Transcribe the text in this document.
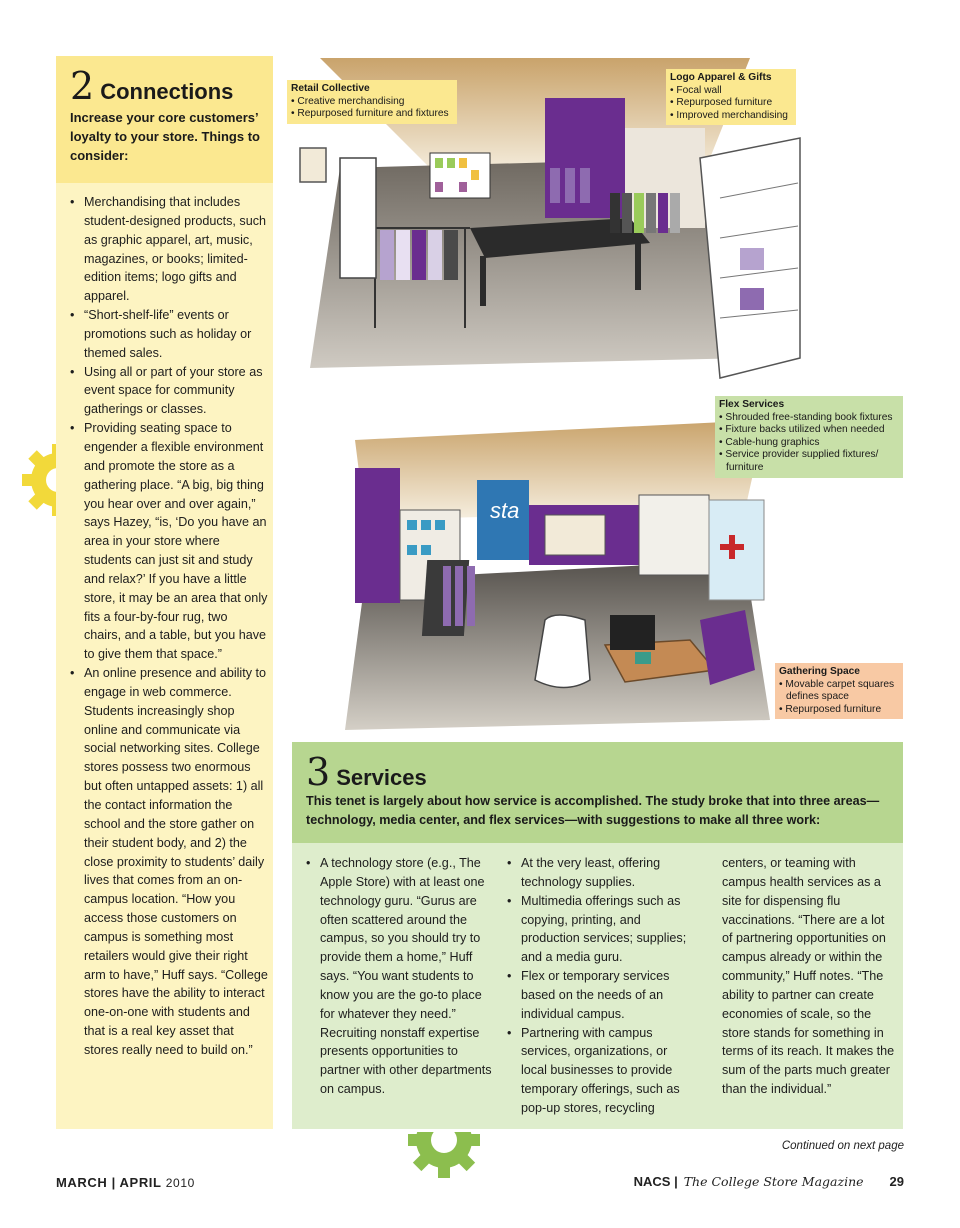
2 Connections
Increase your core customers’ loyalty to your store. Things to consider:
• Merchandising that includes student-designed products, such as graphic apparel, art, music, magazines, or books; limited-edition items; logo gifts and apparel.
• “Short-shelf-life” events or promotions such as holiday or themed sales.
• Using all or part of your store as event space for community gatherings or classes.
• Providing seating space to engender a flexible environment and promote the store as a gathering place. “A big, big thing you hear over and over again,” says Hazey, “is, ‘Do you have an area in your store where students can just sit and study and relax?’ If you have a little store, it may be an area that only fits a four-by-four rug, two chairs, and a table, but you have to give them that space.”
• An online presence and ability to engage in web commerce. Students increasingly shop online and communicate via social networking sites. College stores possess two enormous but often untapped assets: 1) all the contact information the school and the store gather on their student body, and 2) the close proximity to students’ daily lives that comes from an on-campus location. “How you access those customers on campus is something most retailers would give their right arm to have,” Huff says. “College stores have the ability to interact one-on-one with students and that is a real key asset that stores really need to build on.”
Retail Collective
• Creative merchandising
• Repurposed furniture and fixtures
Logo Apparel & Gifts
• Focal wall
• Repurposed furniture
• Improved merchandising
sta
Flex Services
• Shrouded free-standing book fixtures
• Fixture backs utilized when needed
• Cable-hung graphics
• Service provider supplied fixtures/ furniture
Gathering Space
• Movable carpet squares defines space
• Repurposed furniture
3 Services
This tenet is largely about how service is accomplished. The study broke that into three areas—technology, media center, and flex services—with suggestions to make all three work:
• A technology store (e.g., The Apple Store) with at least one technology guru. “Gurus are often scattered around the campus, so you should try to provide them a home,” Huff says. “You want students to know you are the go-to place for whatever they need.” Recruiting nonstaff expertise presents opportunities to partner with other departments on campus.
• At the very least, offering technology supplies.
• Multimedia offerings such as copying, printing, and production services; supplies; and a media guru.
• Flex or temporary services based on the needs of an individual campus.
• Partnering with campus services, organizations, or local businesses to provide temporary offerings, such as pop-up stores, recycling
centers, or teaming with campus health services as a site for dispensing flu vaccinations. “There are a lot of partnering opportunities on campus already or within the community,” Huff notes. “The ability to partner can create economies of scale, so the store stands for something in terms of its reach. It makes the sum of the parts much greater than the individual.”
Continued on next page
MARCH | APRIL 2010	NACS | The College Store Magazine 29
